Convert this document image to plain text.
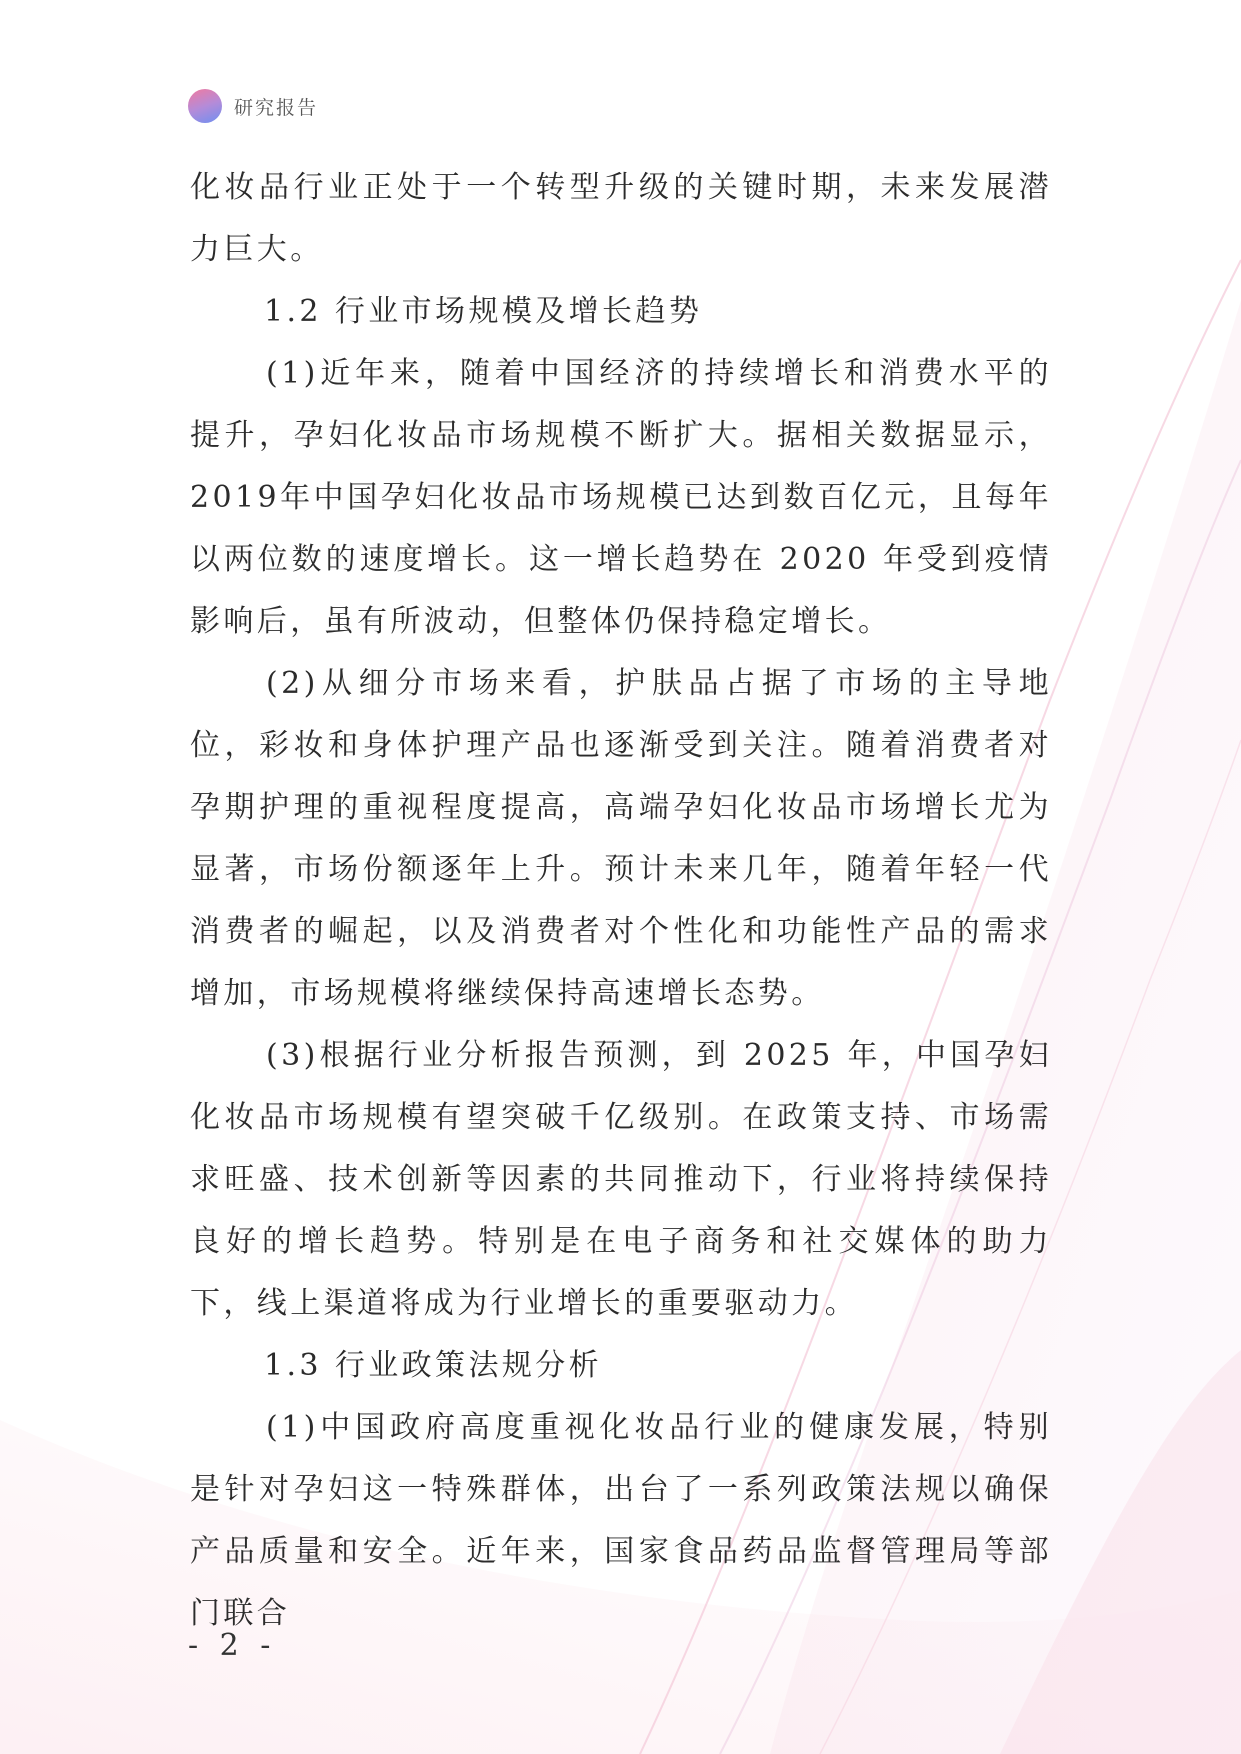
研究报告

化妆品行业正处于一个转型升级的关键时期，未来发展潜力巨大。

1.2 行业市场规模及增长趋势

(1)近年来，随着中国经济的持续增长和消费水平的提升，孕妇化妆品市场规模不断扩大。据相关数据显示，2019年中国孕妇化妆品市场规模已达到数百亿元，且每年以两位数的速度增长。这一增长趋势在 2020 年受到疫情影响后，虽有所波动，但整体仍保持稳定增长。

(2)从细分市场来看，护肤品占据了市场的主导地位，彩妆和身体护理产品也逐渐受到关注。随着消费者对孕期护理的重视程度提高，高端孕妇化妆品市场增长尤为显著，市场份额逐年上升。预计未来几年，随着年轻一代消费者的崛起，以及消费者对个性化和功能性产品的需求增加，市场规模将继续保持高速增长态势。

(3)根据行业分析报告预测，到 2025 年，中国孕妇化妆品市场规模有望突破千亿级别。在政策支持、市场需求旺盛、技术创新等因素的共同推动下，行业将持续保持良好的增长趋势。特别是在电子商务和社交媒体的助力下，线上渠道将成为行业增长的重要驱动力。

1.3 行业政策法规分析

(1)中国政府高度重视化妆品行业的健康发展，特别是针对孕妇这一特殊群体，出台了一系列政策法规以确保产品质量和安全。近年来，国家食品药品监督管理局等部门联合

- 2 -
